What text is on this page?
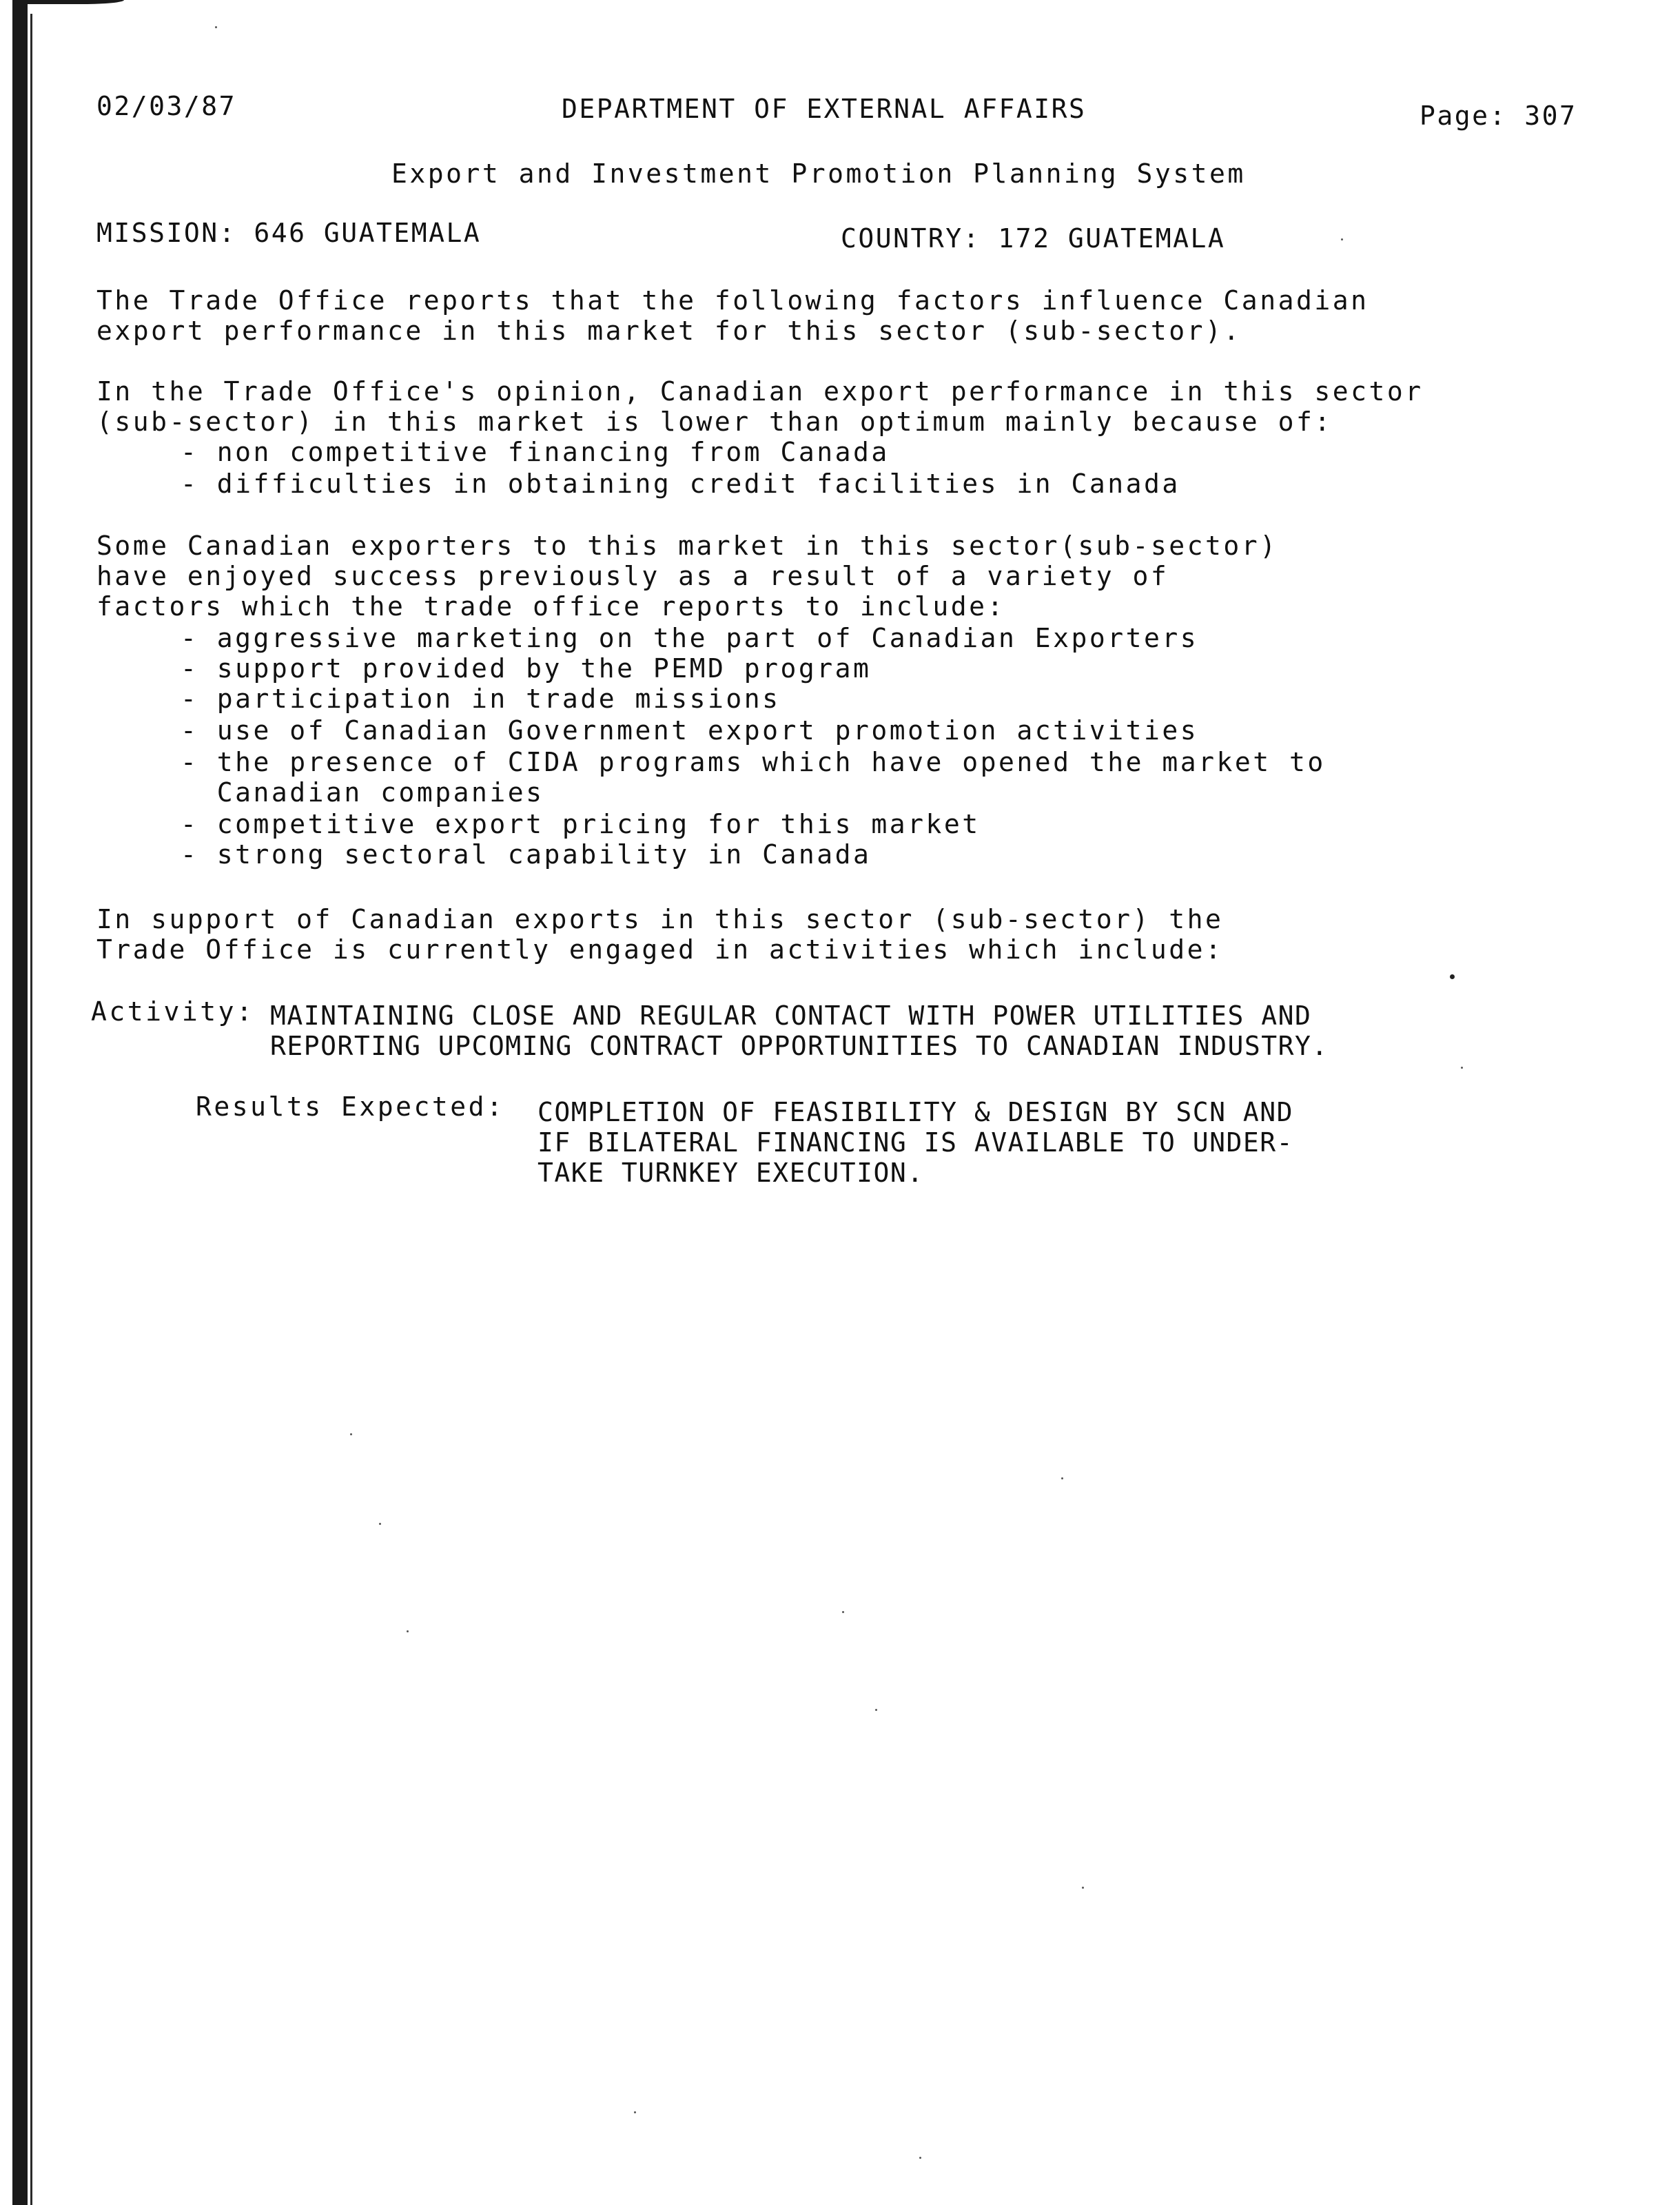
02/03/87	DEPARTMENT OF EXTERNAL AFFAIRS	Page: 307
Export and Investment Promotion Planning System
MISSION: 646 GUATEMALA	COUNTRY: 172 GUATEMALA
The Trade Office reports that the following factors influence Canadian
export performance in this market for this sector (sub-sector).
In the Trade Office's opinion, Canadian export performance in this sector
(sub-sector) in this market is lower than optimum mainly because of:
- non competitive financing from Canada
- difficulties in obtaining credit facilities in Canada
Some Canadian exporters to this market in this sector(sub-sector)
have enjoyed success previously as a result of a variety of
factors which the trade office reports to include:
- aggressive marketing on the part of Canadian Exporters
- support provided by the PEMD program
- participation in trade missions
- use of Canadian Government export promotion activities
- the presence of CIDA programs which have opened the market to
Canadian companies
- competitive export pricing for this market
- strong sectoral capability in Canada
In support of Canadian exports in this sector (sub-sector) the
Trade Office is currently engaged in activities which include:
Activity: MAINTAINING CLOSE AND REGULAR CONTACT WITH POWER UTILITIES AND
REPORTING UPCOMING CONTRACT OPPORTUNITIES TO CANADIAN INDUSTRY.
Results Expected: COMPLETION OF FEASIBILITY & DESIGN BY SCN AND
IF BILATERAL FINANCING IS AVAILABLE TO UNDER-
TAKE TURNKEY EXECUTION.
